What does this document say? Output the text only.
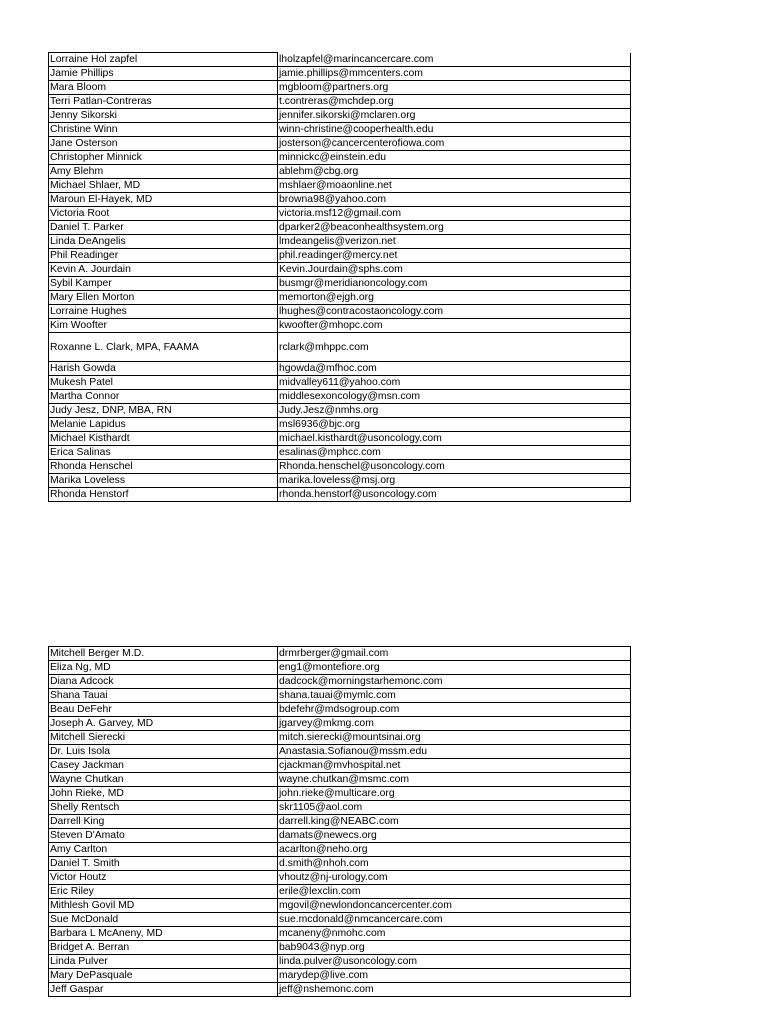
Lorraine Hol zapfel	lholzapfel@marincancercare.com
Jamie Phillips	jamie.phillips@mmcenters.com
Mara Bloom	mgbloom@partners.org
Terri Patlan-Contreras	t.contreras@mchdep.org
Jenny Sikorski	jennifer.sikorski@mclaren.org
Christine Winn	winn-christine@cooperhealth.edu
Jane Osterson	josterson@cancercenterofiowa.com
Christopher Minnick	minnickc@einstein.edu
Amy Blehm	ablehm@cbg.org
Michael Shlaer, MD	mshlaer@moaonline.net
Maroun El-Hayek, MD	browna98@yahoo.com
Victoria Root	victoria.msf12@gmail.com
Daniel T. Parker	dparker2@beaconhealthsystem.org
Linda DeAngelis	lmdeangelis@verizon.net
Phil Readinger	phil.readinger@mercy.net
Kevin A. Jourdain	Kevin.Jourdain@sphs.com
Sybil Kamper	busmgr@meridianoncology.com
Mary Ellen Morton	memorton@ejgh.org
Lorraine Hughes	lhughes@contracostaoncology.com
Kim Woofter	kwoofter@mhopc.com
Roxanne L. Clark, MPA, FAAMA	rclark@mhppc.com
Harish Gowda	hgowda@mfhoc.com
Mukesh Patel	midvalley611@yahoo.com
Martha Connor	middlesexoncology@msn.com
Judy Jesz, DNP, MBA, RN	Judy.Jesz@nmhs.org
Melanie Lapidus	msl6936@bjc.org
Michael Kisthardt	michael.kisthardt@usoncology.com
Erica Salinas	esalinas@mphcc.com
Rhonda Henschel	Rhonda.henschel@usoncology.com
Marika Loveless	marika.loveless@msj.org
Rhonda Henstorf	rhonda.henstorf@usoncology.com
Mitchell Berger M.D.	drmrberger@gmail.com
Eliza Ng, MD	eng1@montefiore.org
Diana Adcock	dadcock@morningstarhemonc.com
Shana Tauai	shana.tauai@mymlc.com
Beau DeFehr	bdefehr@mdsogroup.com
Joseph A. Garvey, MD	jgarvey@mkmg.com
Mitchell Sierecki	mitch.sierecki@mountsinai.org
Dr. Luis Isola	Anastasia.Sofianou@mssm.edu
Casey Jackman	cjackman@mvhospital.net
Wayne Chutkan	wayne.chutkan@msmc.com
John Rieke, MD	john.rieke@multicare.org
Shelly Rentsch	skr1105@aol.com
Darrell King	darrell.king@NEABC.com
Steven D'Amato	damats@newecs.org
Amy Carlton	acarlton@neho.org
Daniel T. Smith	d.smith@nhoh.com
Victor Houtz	vhoutz@nj-urology.com
Eric Riley	erile@lexclin.com
Mithlesh Govil MD	mgovil@newlondoncancercenter.com
Sue McDonald	sue.mcdonald@nmcancercare.com
Barbara L McAneny, MD	mcaneny@nmohc.com
Bridget A. Berran	bab9043@nyp.org
Linda Pulver	linda.pulver@usoncology.com
Mary DePasquale	marydep@live.com
Jeff Gaspar	jeff@nshemonc.com
